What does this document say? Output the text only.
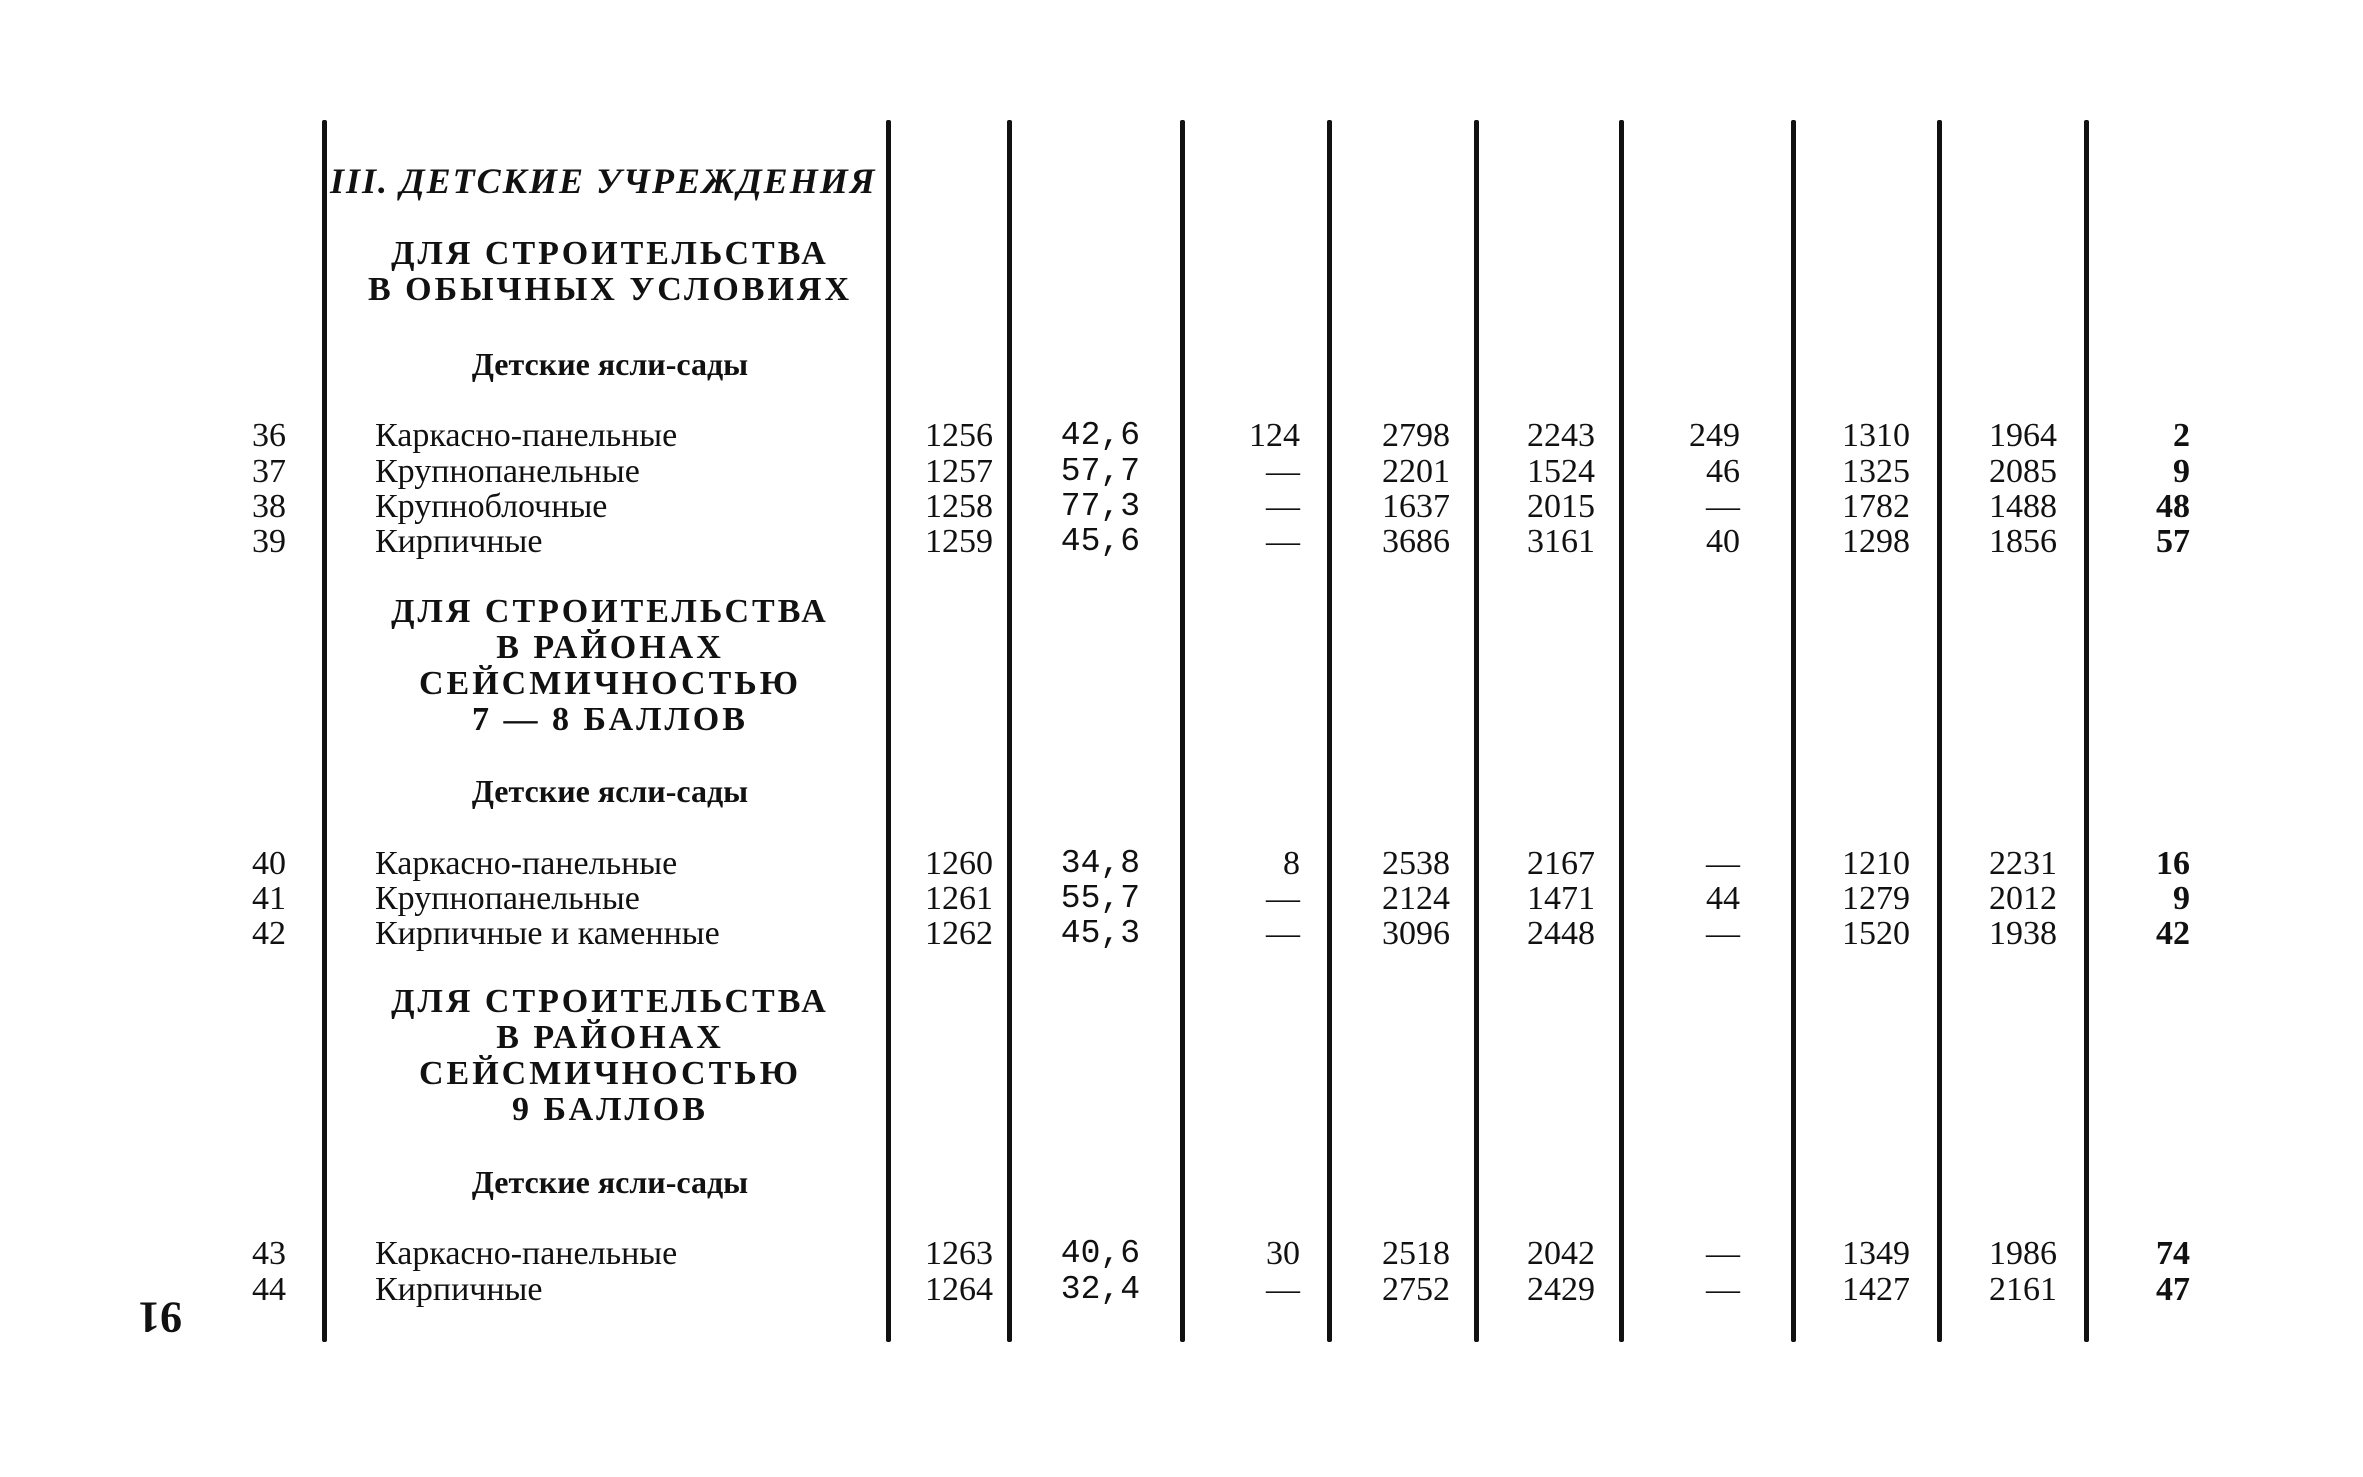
III. ДЕТСКИЕ УЧРЕЖДЕНИЯ
ДЛЯ СТРОИТЕЛЬСТВА
В ОБЫЧНЫХ УСЛОВИЯХ
Детские ясли-сады
36	Каркасно-панельные	1256	42,6	124	2798	2243	249	1310	1964	2
37	Крупнопанельные	1257	57,7	—	2201	1524	46	1325	2085	9
38	Крупноблочные	1258	77,3	—	1637	2015	—	1782	1488	48
39	Кирпичные	1259	45,6	—	3686	3161	40	1298	1856	57
ДЛЯ СТРОИТЕЛЬСТВА
В РАЙОНАХ
СЕЙСМИЧНОСТЬЮ
7 — 8 БАЛЛОВ
Детские ясли-сады
40	Каркасно-панельные	1260	34,8	8	2538	2167	—	1210	2231	16
41	Крупнопанельные	1261	55,7	—	2124	1471	44	1279	2012	9
42	Кирпичные и каменные	1262	45,3	—	3096	2448	—	1520	1938	42
ДЛЯ СТРОИТЕЛЬСТВА
В РАЙОНАХ
СЕЙСМИЧНОСТЬЮ
9 БАЛЛОВ
Детские ясли-сады
43	Каркасно-панельные	1263	40,6	30	2518	2042	—	1349	1986	74
44	Кирпичные	1264	32,4	—	2752	2429	—	1427	2161	47
91
